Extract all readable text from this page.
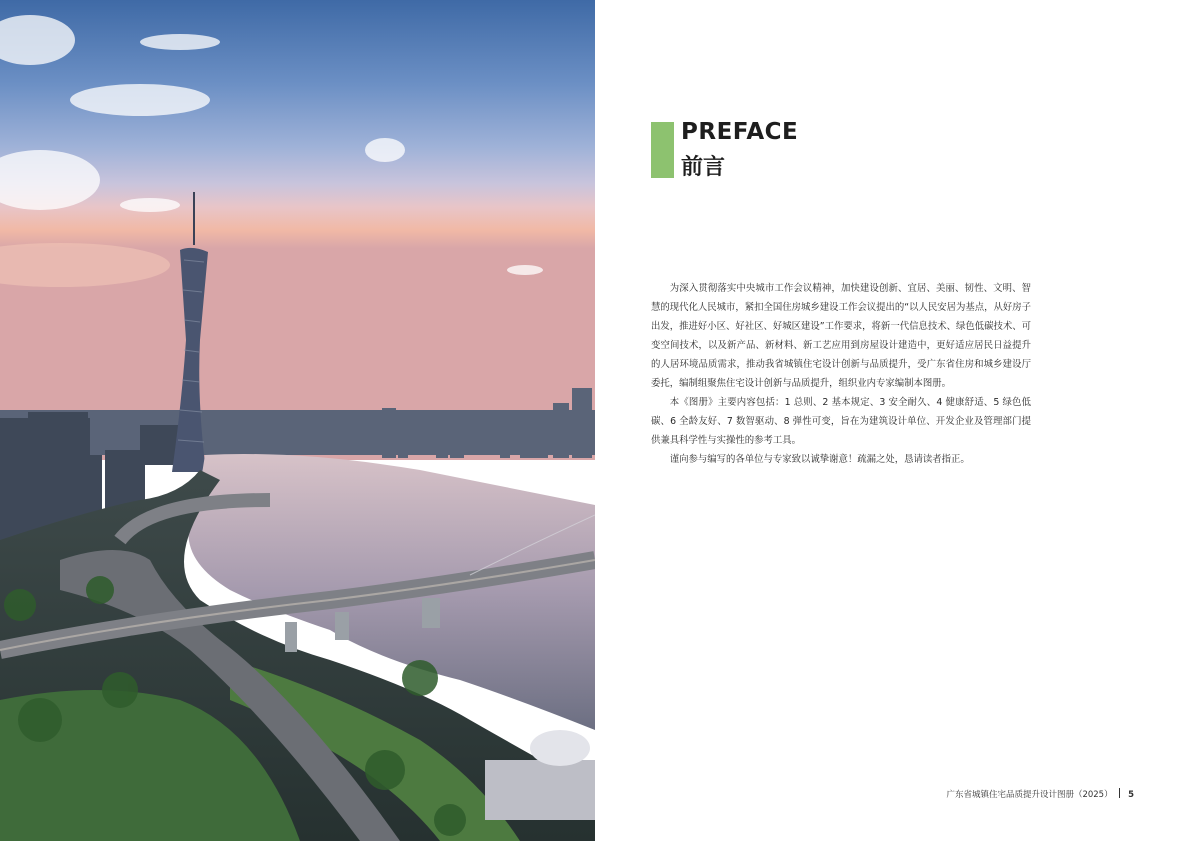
PREFACE
前言

为深入贯彻落实中央城市工作会议精神，加快建设创新、宜居、美丽、韧性、文明、智慧的现代化人民城市，紧扣全国住房城乡建设工作会议提出的“以人民安居为基点，从好房子出发，推进好小区、好社区、好城区建设”工作要求，将新一代信息技术、绿色低碳技术、可变空间技术，以及新产品、新材料、新工艺应用到房屋设计建造中，更好适应居民日益提升的人居环境品质需求，推动我省城镇住宅设计创新与品质提升，受广东省住房和城乡建设厅委托，编制组聚焦住宅设计创新与品质提升，组织业内专家编制本图册。

本《图册》主要内容包括：1 总则、2 基本规定、3 安全耐久、4 健康舒适、5 绿色低碳、6 全龄友好、7 数智驱动、8 弹性可变，旨在为建筑设计单位、开发企业及管理部门提供兼具科学性与实操性的参考工具。

谨向参与编写的各单位与专家致以诚挚谢意！疏漏之处，恳请读者指正。

广东省城镇住宅品质提升设计图册（2025） 5
